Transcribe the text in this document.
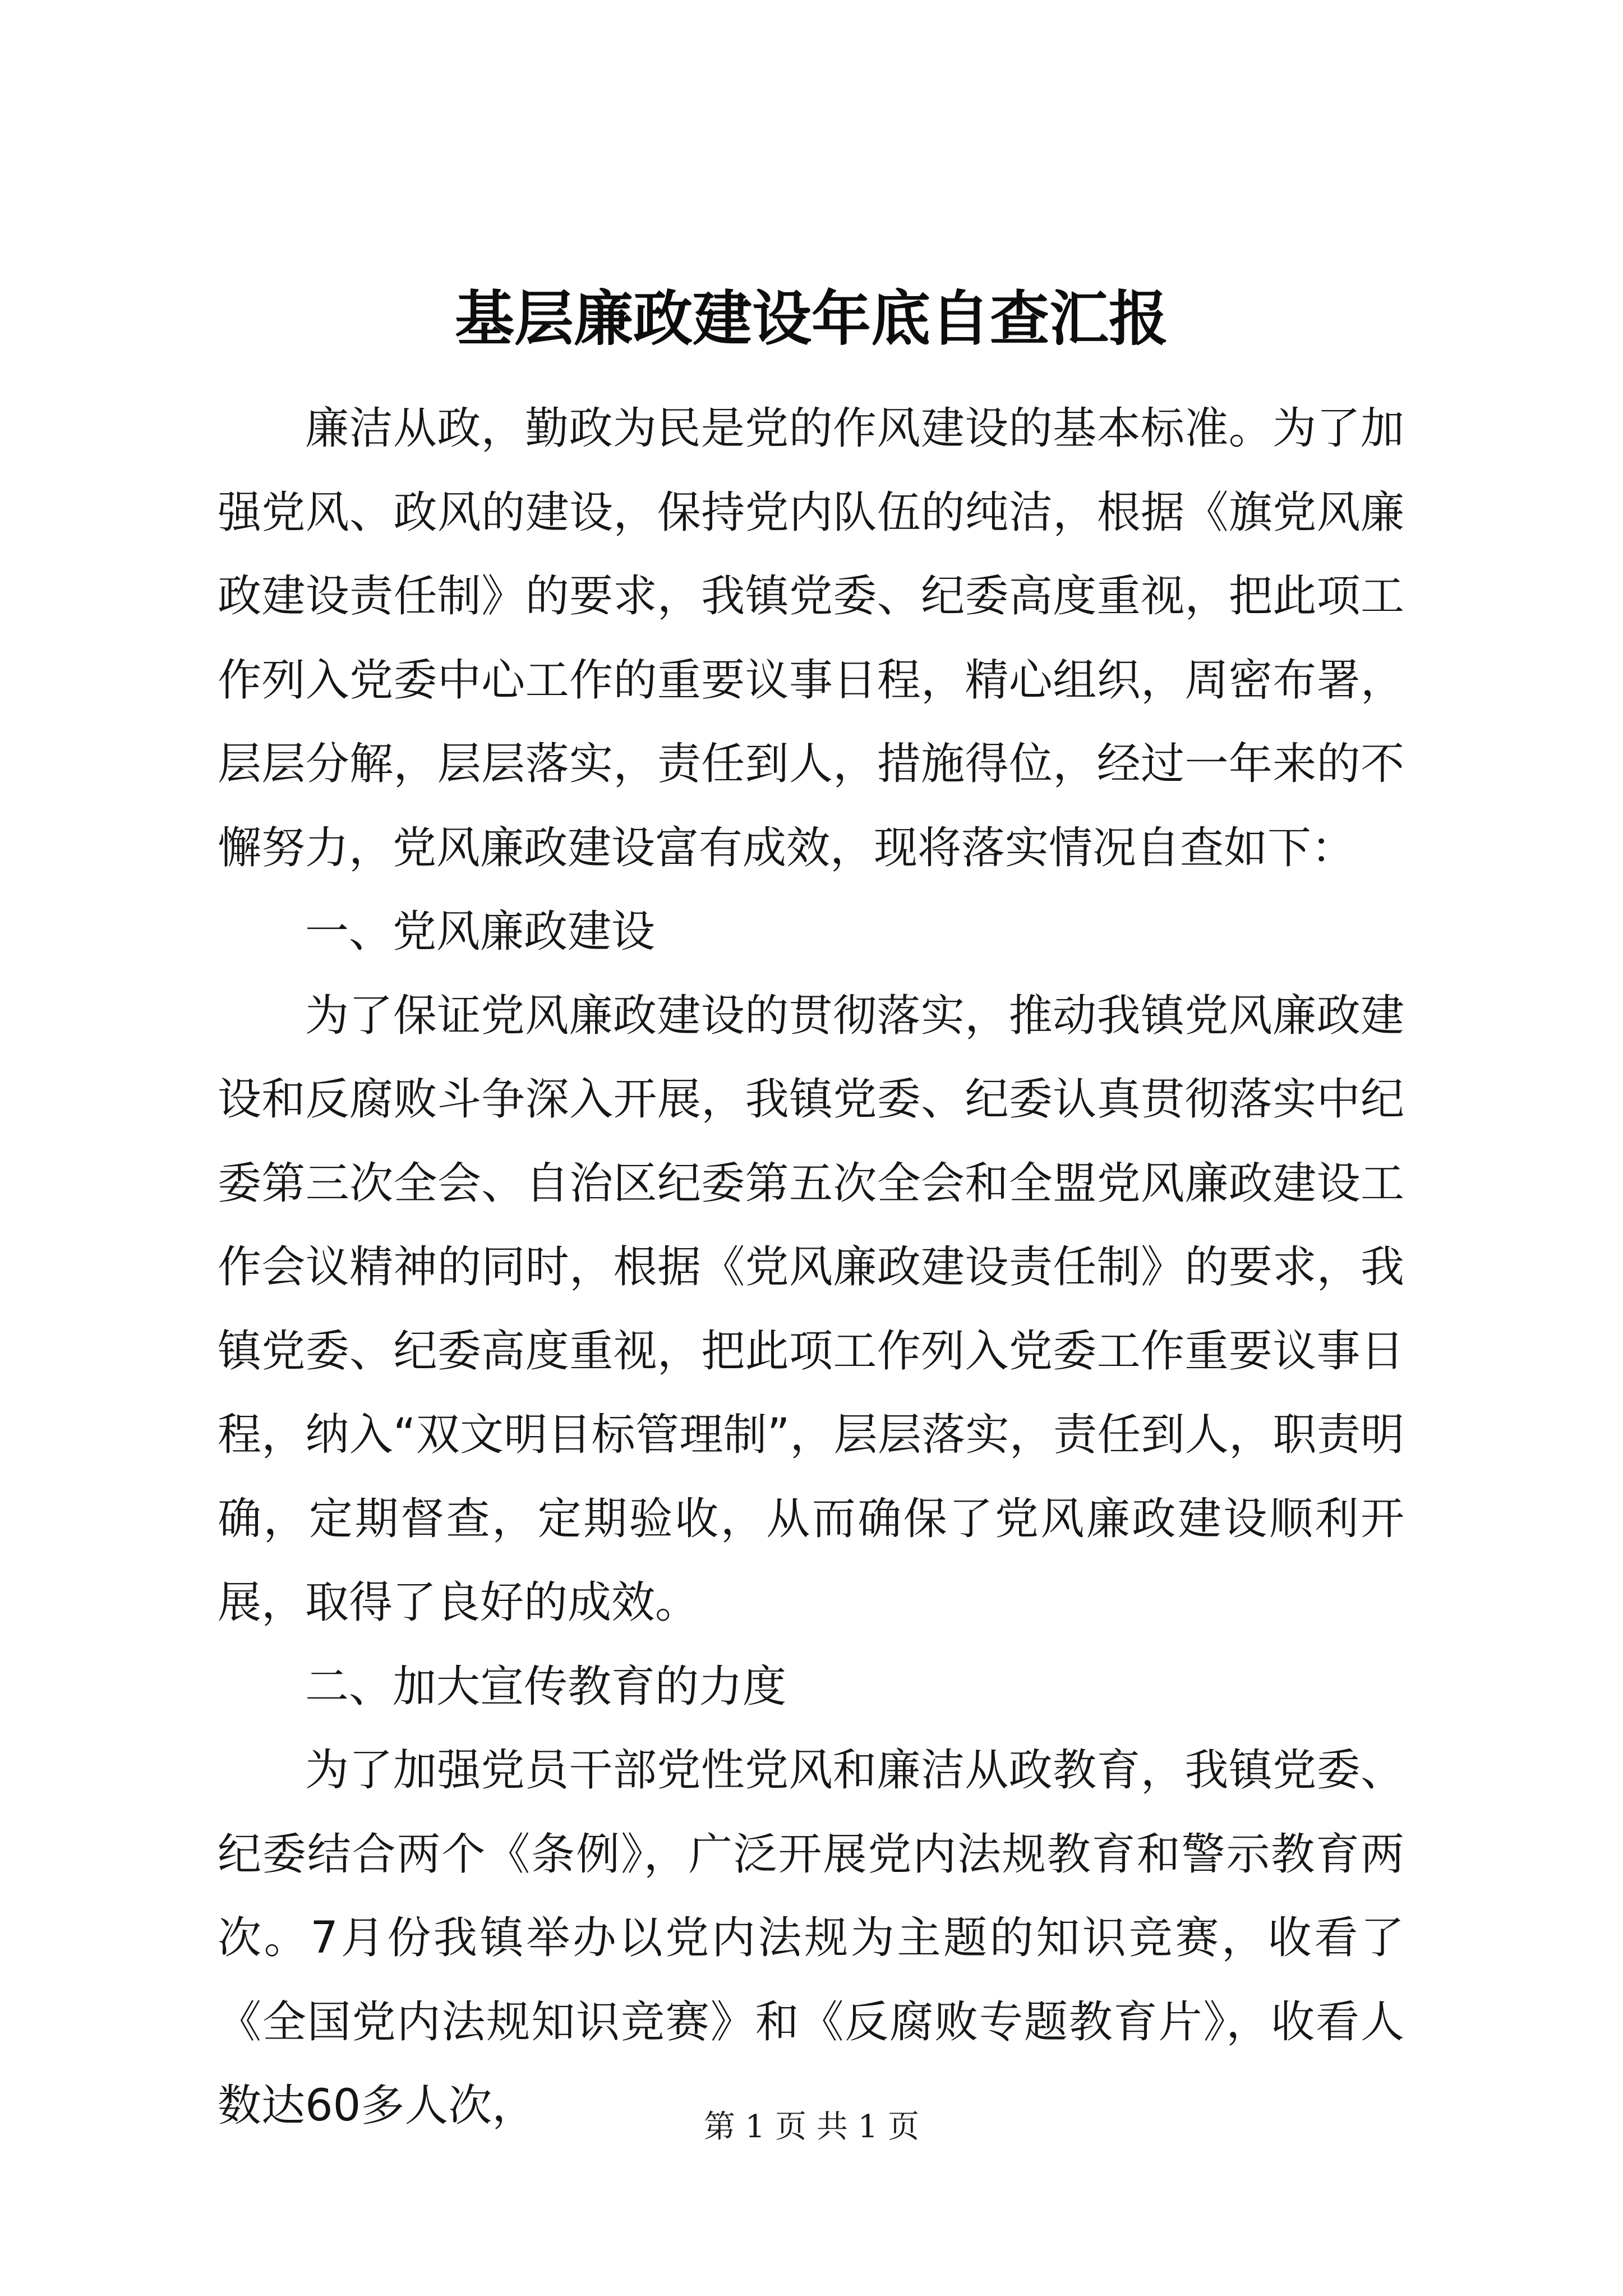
基层廉政建设年底自查汇报

廉洁从政，勤政为民是党的作风建设的基本标准。为了加强党风、政风的建设，保持党内队伍的纯洁，根据《旗党风廉政建设责任制》的要求，我镇党委、纪委高度重视，把此项工作列入党委中心工作的重要议事日程，精心组织，周密布署，层层分解，层层落实，责任到人，措施得位，经过一年来的不懈努力，党风廉政建设富有成效，现将落实情况自查如下：

一、党风廉政建设

为了保证党风廉政建设的贯彻落实，推动我镇党风廉政建设和反腐败斗争深入开展，我镇党委、纪委认真贯彻落实中纪委第三次全会、自治区纪委第五次全会和全盟党风廉政建设工作会议精神的同时，根据《党风廉政建设责任制》的要求，我镇党委、纪委高度重视，把此项工作列入党委工作重要议事日程，纳入“双文明目标管理制”，层层落实，责任到人，职责明确，定期督查，定期验收，从而确保了党风廉政建设顺利开展，取得了良好的成效。

二、加大宣传教育的力度

为了加强党员干部党性党风和廉洁从政教育，我镇党委、纪委结合两个《条例》，广泛开展党内法规教育和警示教育两次。7月份我镇举办以党内法规为主题的知识竞赛，收看了《全国党内法规知识竞赛》和《反腐败专题教育片》，收看人数达60多人次，	第 1 页 共 1 页
